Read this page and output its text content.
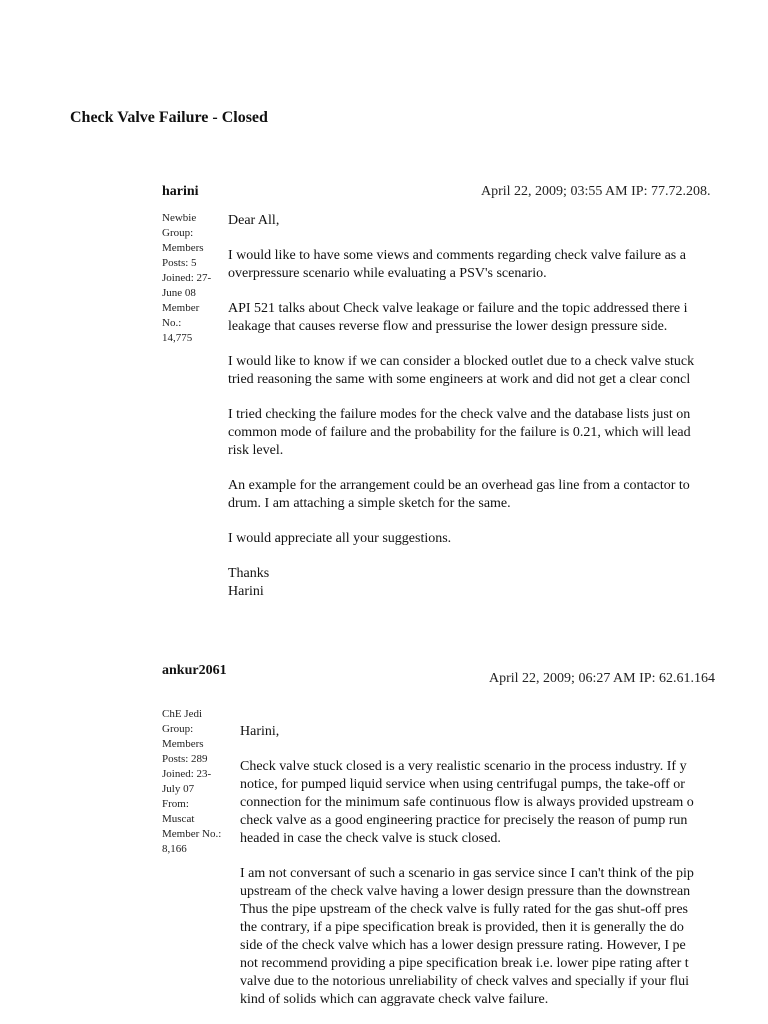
Check Valve Failure - Closed
harini	April 22, 2009; 03:55 AM IP: 77.72.208.
Newbie
Group:
Members
Posts: 5
Joined: 27-
June 08
Member
No.:
14,775

Dear All,

I would like to have some views and comments regarding check valve failure as a

overpressure scenario while evaluating a PSV's scenario.

API 521 talks about Check valve leakage or failure and the topic addressed there i

leakage that causes reverse flow and pressurise the lower design pressure side.

I would like to know if we can consider a blocked outlet due to a check valve stuck

tried reasoning the same with some engineers at work and did not get a clear concl

I tried checking the failure modes for the check valve and the database lists just on

common mode of failure and the probability for the failure is 0.21, which will lead

risk level.

An example for the arrangement could be an overhead gas line from a contactor to

drum. I am attaching a simple sketch for the same.

I would appreciate all your suggestions.

Thanks

Harini

ankur2061
April 22, 2009; 06:27 AM IP: 62.61.164
ChE Jedi
Group:
Members
Posts: 289
Joined: 23-
July 07
From:
Muscat
Member No.:
8,166

Harini,

Check valve stuck closed is a very realistic scenario in the process industry. If y

notice, for pumped liquid service when using centrifugal pumps, the take-off or

connection for the minimum safe continuous flow is always provided upstream o

check valve as a good engineering practice for precisely the reason of pump run

headed in case the check valve is stuck closed.

I am not conversant of such a scenario in gas service since I can't think of the pip

upstream of the check valve having a lower design pressure than the downstrean

Thus the pipe upstream of the check valve is fully rated for the gas shut-off pres

the contrary, if a pipe specification break is provided, then it is generally the do

side of the check valve which has a lower design pressure rating. However, I pe

not recommend providing a pipe specification break i.e. lower pipe rating after t

valve due to the notorious unreliability of check valves and specially if your flui

kind of solids which can aggravate check valve failure.
